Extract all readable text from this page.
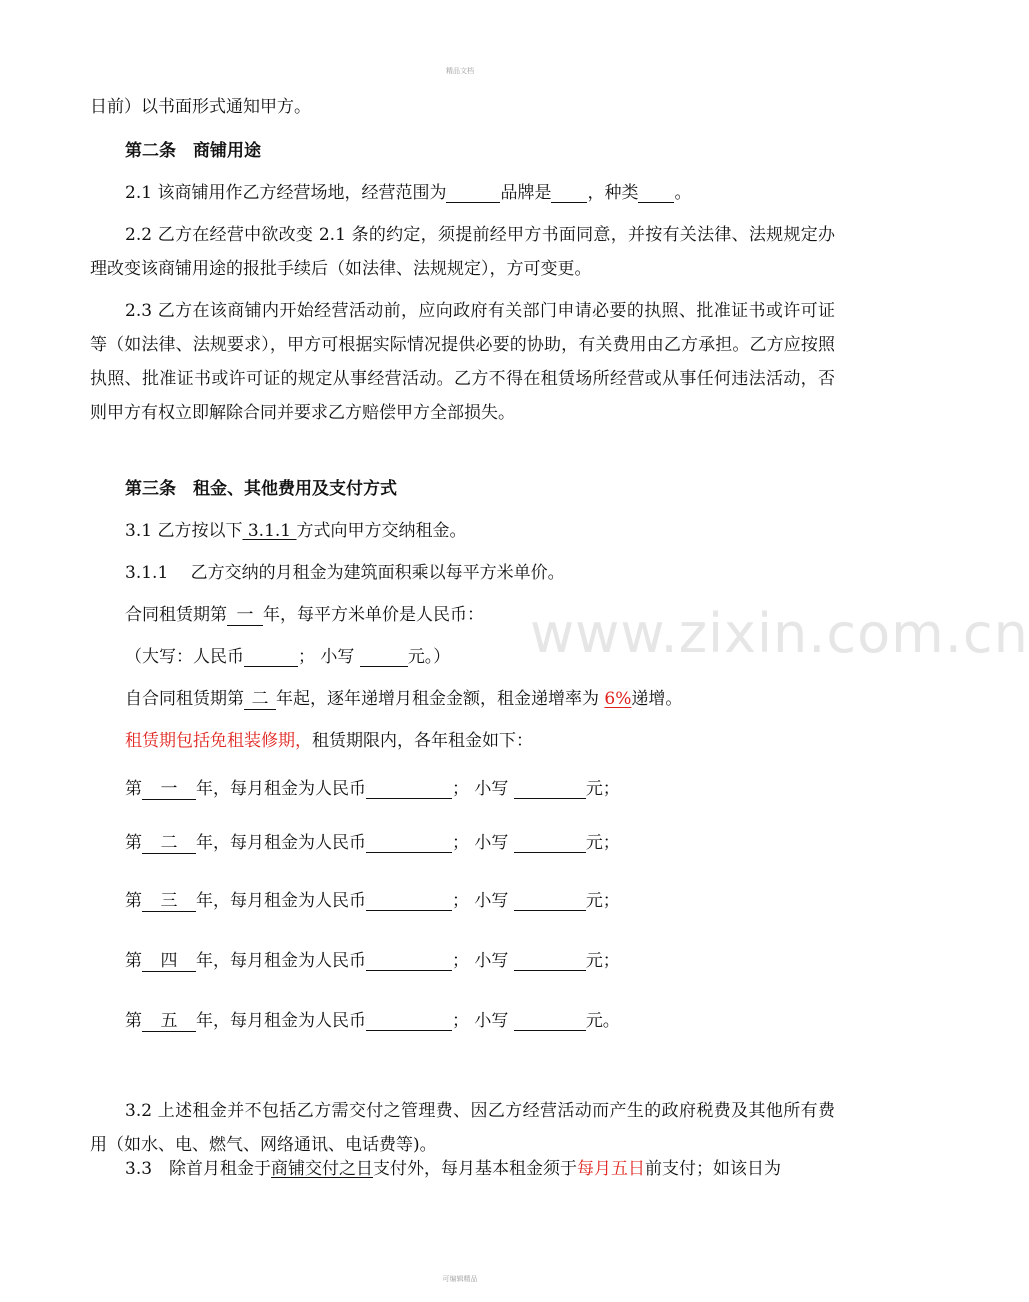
精品文档
www.zixin.com.cn

日前）以书面形式通知甲方。

第二条　商铺用途

2.1 该商铺用作乙方经营场地，经营范围为	品牌是 ，种类 。

2.2 乙方在经营中欲改变 2.1 条的约定，须提前经甲方书面同意，并按有关法律、法规规定办理改变该商铺用途的报批手续后（如法律、法规规定），方可变更。

2.3 乙方在该商铺内开始经营活动前，应向政府有关部门申请必要的执照、批准证书或许可证等（如法律、法规要求），甲方可根据实际情况提供必要的协助，有关费用由乙方承担。乙方应按照执照、批准证书或许可证的规定从事经营活动。乙方不得在租赁场所经营或从事任何违法活动，否则甲方有权立即解除合同并要求乙方赔偿甲方全部损失。

第三条　租金、其他费用及支付方式

3.1 乙方按以下 3.1.1 方式向甲方交纳租金。

3.1.1　 乙方交纳的月租金为建筑面积乘以每平方米单价。

合同租赁期第 一 年，每平方米单价是人民币：

（大写：人民币	； 小写	元。）

自合同租赁期第 二 年起，逐年递增月租金金额，租金递增率为 6%递增。

租赁期包括免租装修期，租赁期限内，各年租金如下：

第 一 年，每月租金为人民币	； 小写	元；

第 二 年，每月租金为人民币	； 小写	元；

第 三 年，每月租金为人民币	； 小写	元；

第 四 年，每月租金为人民币	； 小写	元；

第 五 年，每月租金为人民币	； 小写	元。

3.2 上述租金并不包括乙方需交付之管理费、因乙方经营活动而产生的政府税费及其他所有费用（如水、电、燃气、网络通讯、电话费等)。

3.3　除首月租金于商铺交付之日支付外，每月基本租金须于每月五日前支付；如该日为

可编辑精品
